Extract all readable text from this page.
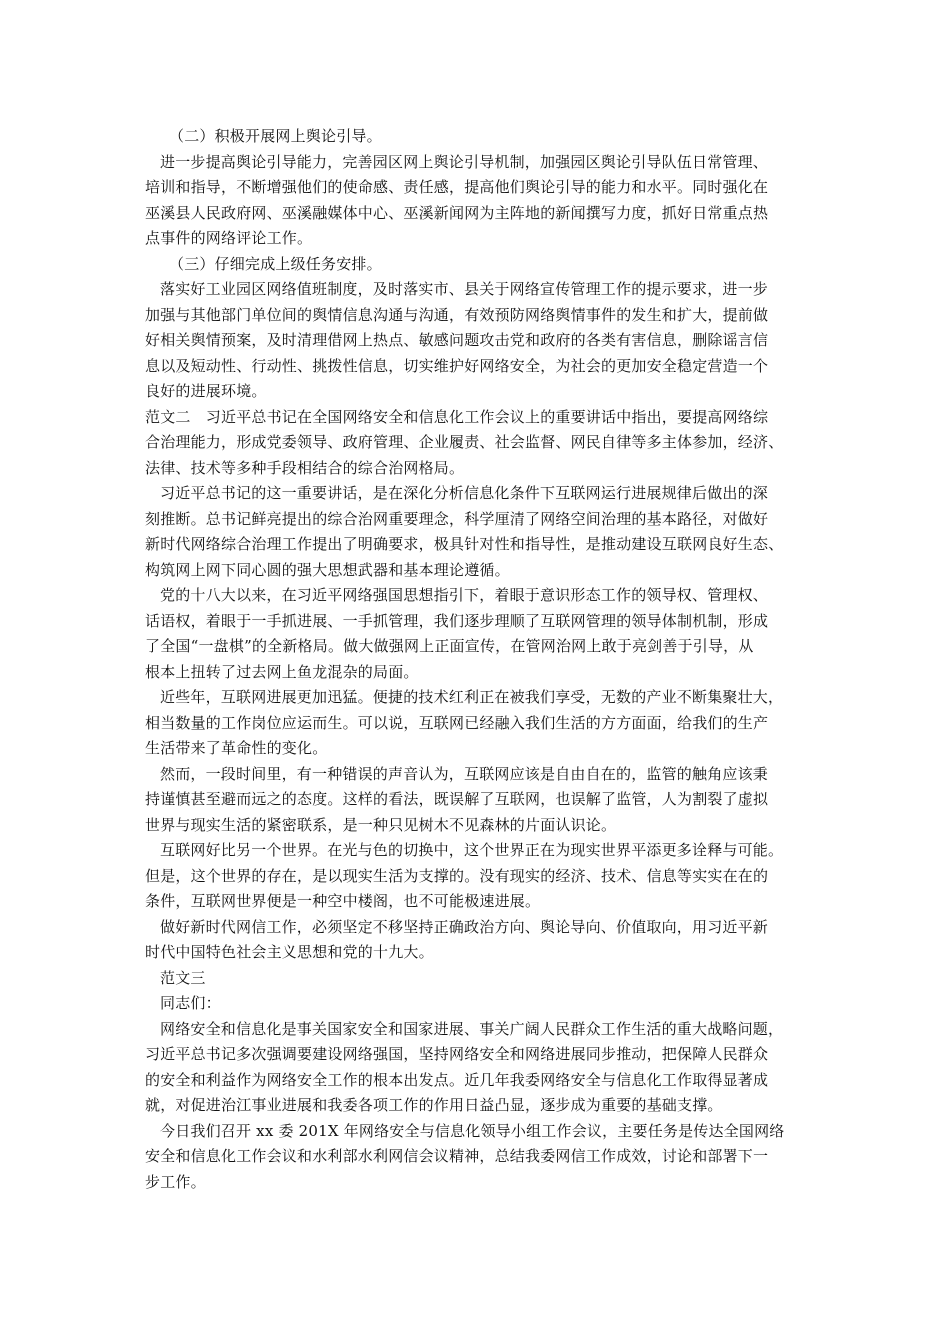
（二）积极开展网上舆论引导。

进一步提高舆论引导能力，完善园区网上舆论引导机制，加强园区舆论引导队伍日常管理、

培训和指导，不断增强他们的使命感、责任感，提高他们舆论引导的能力和水平。同时强化在

巫溪县人民政府网、巫溪融媒体中心、巫溪新闻网为主阵地的新闻撰写力度，抓好日常重点热

点事件的网络评论工作。

（三）仔细完成上级任务安排。

落实好工业园区网络值班制度，及时落实市、县关于网络宣传管理工作的提示要求，进一步

加强与其他部门单位间的舆情信息沟通与沟通，有效预防网络舆情事件的发生和扩大，提前做

好相关舆情预案，及时清理借网上热点、敏感问题攻击党和政府的各类有害信息，删除谣言信

息以及短动性、行动性、挑拨性信息，切实维护好网络安全，为社会的更加安全稳定营造一个

良好的进展环境。

范文二　习近平总书记在全国网络安全和信息化工作会议上的重要讲话中指出，要提高网络综

合治理能力，形成党委领导、政府管理、企业履责、社会监督、网民自律等多主体参加，经济、

法律、技术等多种手段相结合的综合治网格局。

习近平总书记的这一重要讲话，是在深化分析信息化条件下互联网运行进展规律后做出的深

刻推断。总书记鲜亮提出的综合治网重要理念，科学厘清了网络空间治理的基本路径，对做好

新时代网络综合治理工作提出了明确要求，极具针对性和指导性，是推动建设互联网良好生态、

构筑网上网下同心圆的强大思想武器和基本理论遵循。

党的十八大以来，在习近平网络强国思想指引下，着眼于意识形态工作的领导权、管理权、

话语权，着眼于一手抓进展、一手抓管理，我们逐步理顺了互联网管理的领导体制机制，形成

了全国“一盘棋”的全新格局。做大做强网上正面宣传，在管网治网上敢于亮剑善于引导，从

根本上扭转了过去网上鱼龙混杂的局面。

近些年，互联网进展更加迅猛。便捷的技术红利正在被我们享受，无数的产业不断集聚壮大，

相当数量的工作岗位应运而生。可以说，互联网已经融入我们生活的方方面面，给我们的生产

生活带来了革命性的变化。

然而，一段时间里，有一种错误的声音认为，互联网应该是自由自在的，监管的触角应该秉

持谨慎甚至避而远之的态度。这样的看法，既误解了互联网，也误解了监管，人为割裂了虚拟

世界与现实生活的紧密联系，是一种只见树木不见森林的片面认识论。

互联网好比另一个世界。在光与色的切换中，这个世界正在为现实世界平添更多诠释与可能。

但是，这个世界的存在，是以现实生活为支撑的。没有现实的经济、技术、信息等实实在在的

条件，互联网世界便是一种空中楼阁，也不可能极速进展。

做好新时代网信工作，必须坚定不移坚持正确政治方向、舆论导向、价值取向，用习近平新

时代中国特色社会主义思想和党的十九大。

范文三

同志们：

网络安全和信息化是事关国家安全和国家进展、事关广阔人民群众工作生活的重大战略问题，

习近平总书记多次强调要建设网络强国，坚持网络安全和网络进展同步推动，把保障人民群众

的安全和利益作为网络安全工作的根本出发点。近几年我委网络安全与信息化工作取得显著成

就，对促进治江事业进展和我委各项工作的作用日益凸显，逐步成为重要的基础支撑。

今日我们召开 xx 委 201X 年网络安全与信息化领导小组工作会议，主要任务是传达全国网络

安全和信息化工作会议和水利部水利网信会议精神，总结我委网信工作成效，讨论和部署下一

步工作。
